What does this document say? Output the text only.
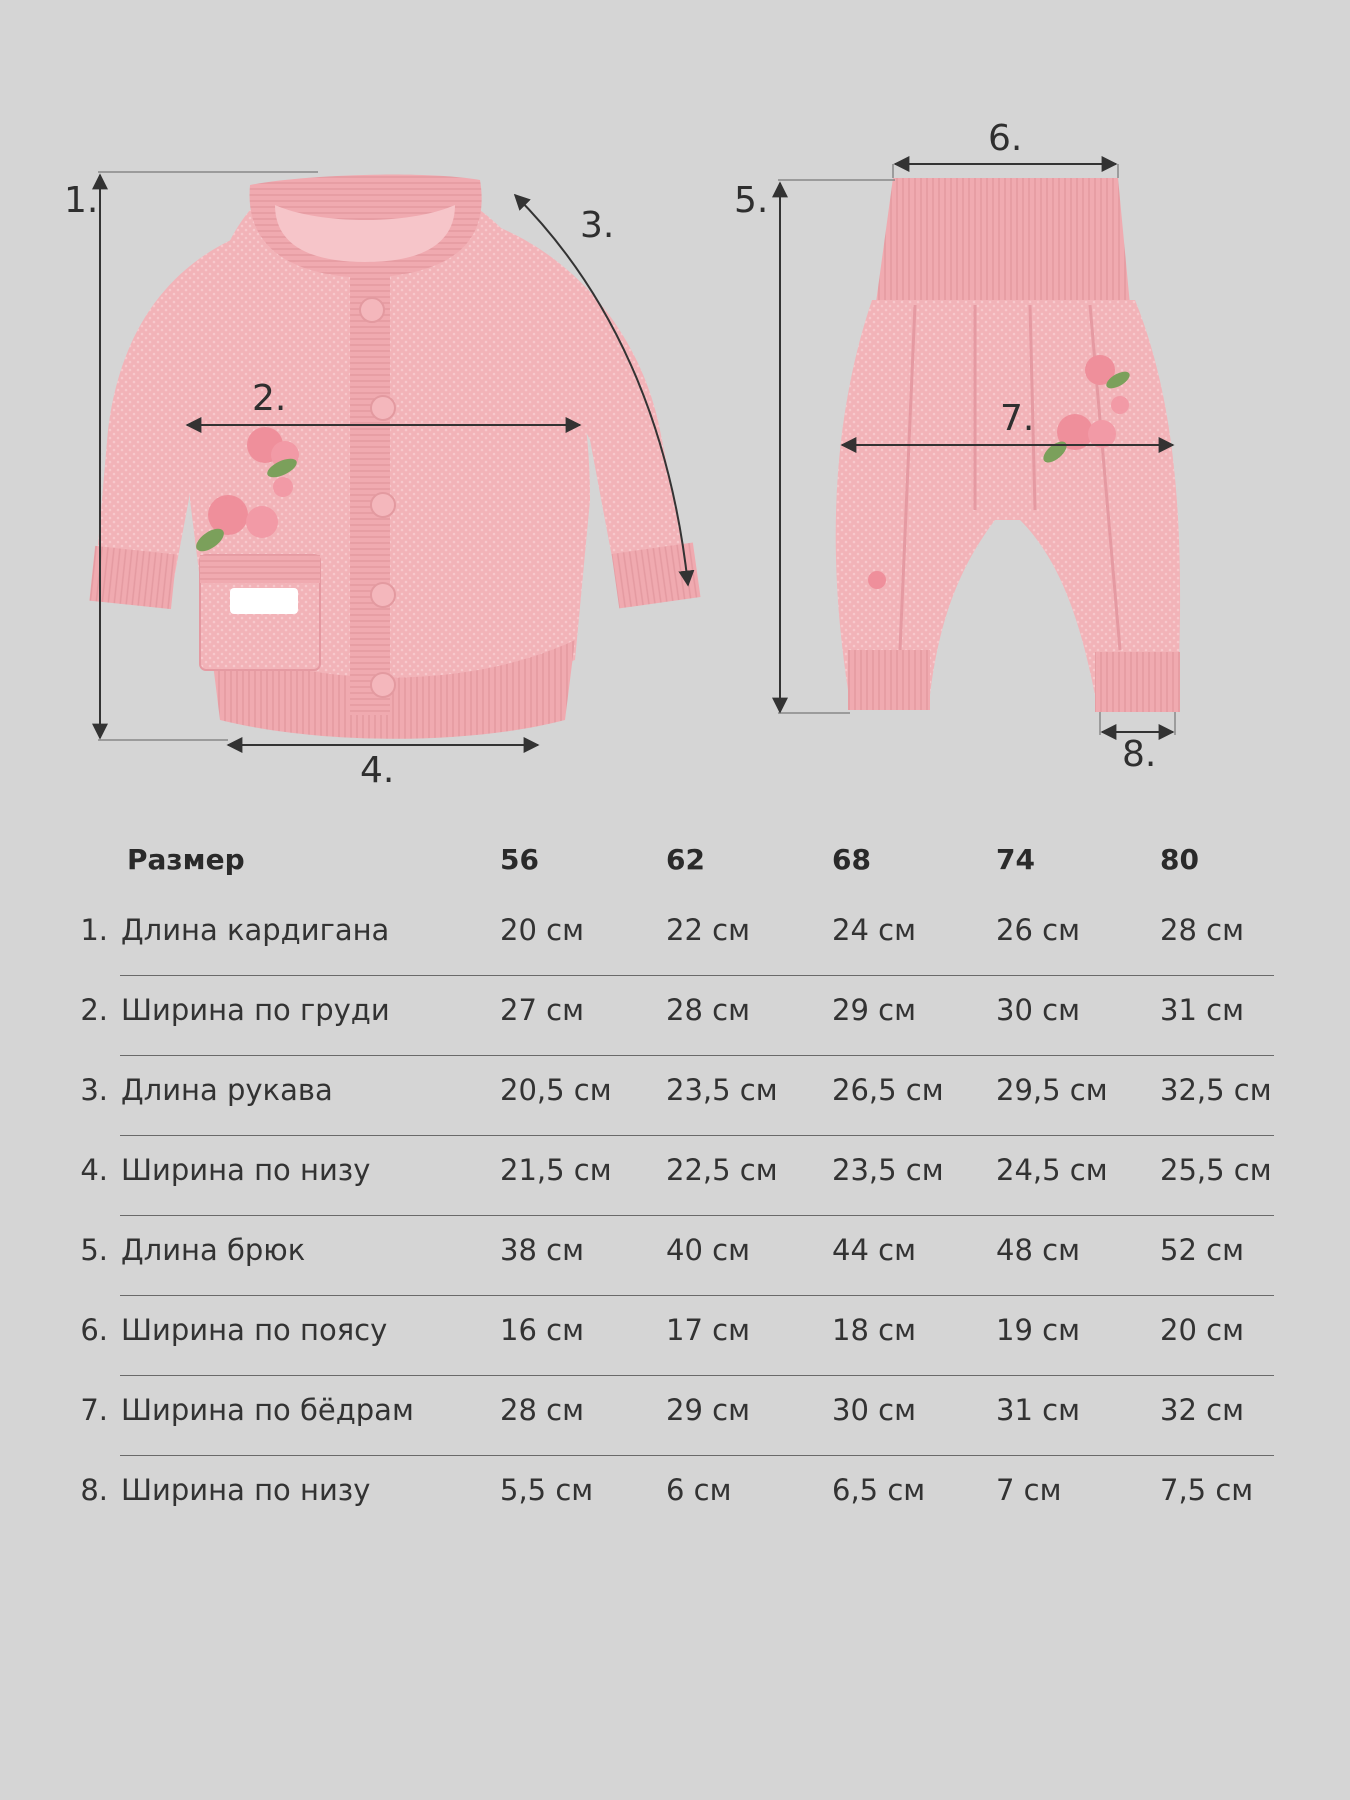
1.
2.
3.
4.
5.
6.
7.
8.
Размер	56	62	68	74	80
1. Длина кардигана	20 см	22 см	24 см	26 см	28 см
2. Ширина по груди	27 см	28 см	29 см	30 см	31 см
3. Длина рукава	20,5 см 23,5 см 26,5 см 29,5 см 32,5 см
4. Ширина по низу	21,5 см 22,5 см 23,5 см 24,5 см 25,5 см
5. Длина брюк	38 см	40 см	44 см	48 см	52 см
6. Ширина по поясу	16 см	17 см	18 см	19 см	20 см
7. Ширина по бёдрам	28 см	29 см	30 см	31 см	32 см
8. Ширина по низу	5,5 см	6 см	6,5 см 7 см	7,5 см
